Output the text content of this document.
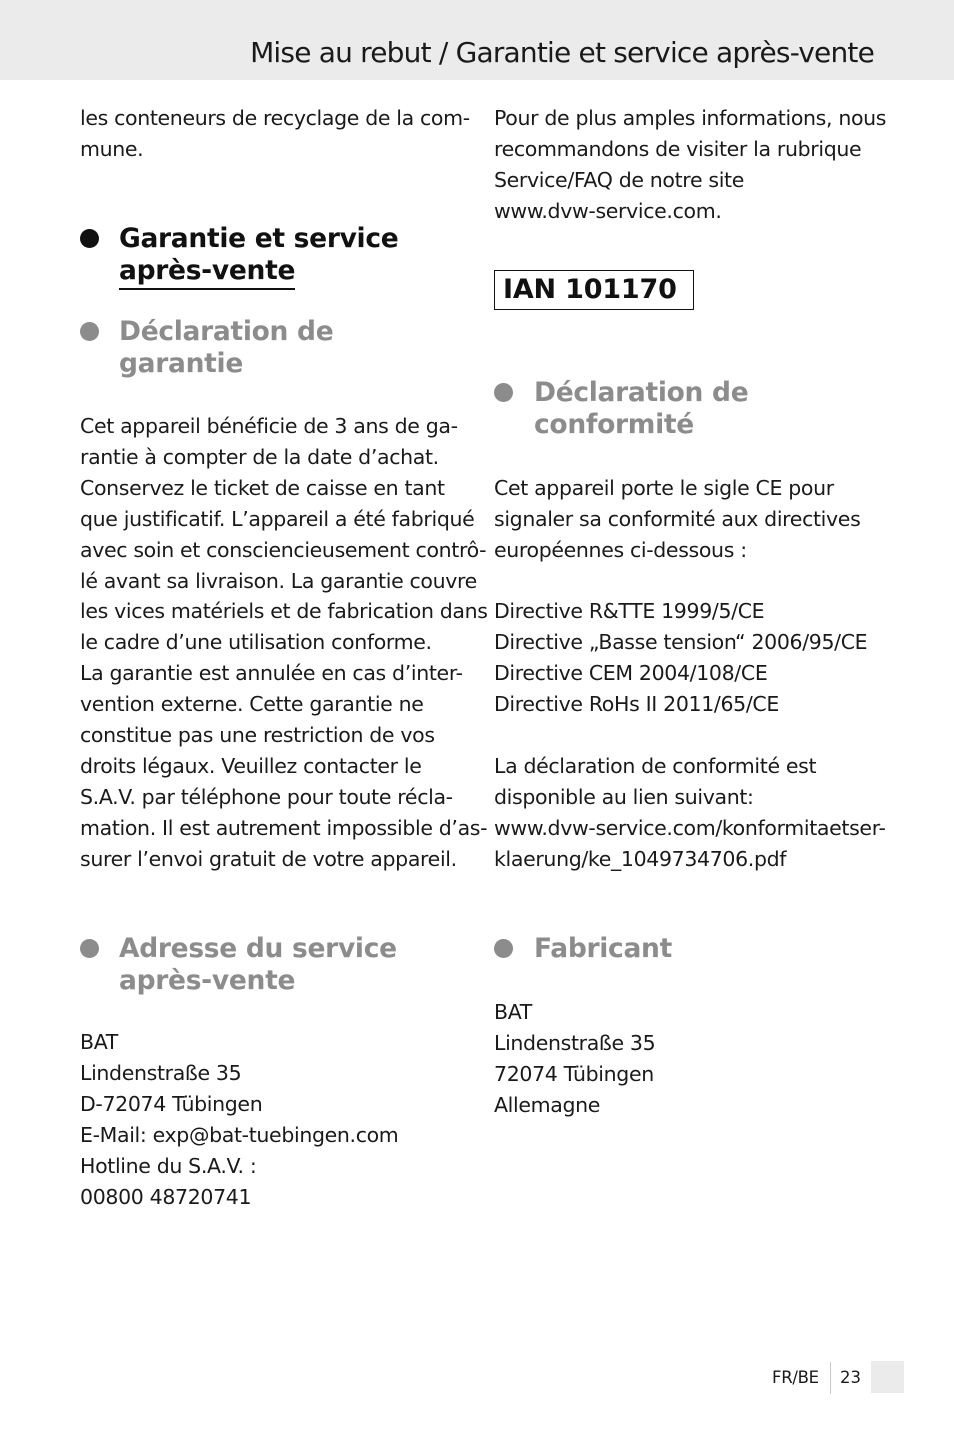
Mise au rebut / Garantie et service après-vente

les conteneurs de recyclage de la com-
mune.

Garantie et service
après-vente
Déclaration de
garantie

Cet appareil bénéficie de 3 ans de ga-
rantie à compter de la date d’achat.
Conservez le ticket de caisse en tant
que justificatif. L’appareil a été fabriqué
avec soin et consciencieusement contrô-
lé avant sa livraison. La garantie couvre
les vices matériels et de fabrication dans
le cadre d’une utilisation conforme.
La garantie est annulée en cas d’inter-
vention externe. Cette garantie ne
constitue pas une restriction de vos
droits légaux. Veuillez contacter le
S.A.V. par téléphone pour toute récla-
mation. Il est autrement impossible d’as-
surer l’envoi gratuit de votre appareil.

Adresse du service
après-vente

BAT
Lindenstraße 35
D-72074 Tübingen
E-Mail: exp@bat-tuebingen.com
Hotline du S.A.V. :
00800 48720741

Pour de plus amples informations, nous
recommandons de visiter la rubrique
Service/FAQ de notre site
www.dvw-service.com.

IAN 101170
Déclaration de
conformité

Cet appareil porte le sigle CE pour
signaler sa conformité aux directives
européennes ci-dessous :

Directive R&TTE 1999/5/CE
Directive „Basse tension“ 2006/95/CE
Directive CEM 2004/108/CE
Directive RoHs II 2011/65/CE

La déclaration de conformité est
disponible au lien suivant:
www.dvw-service.com/konformitaetser-
klaerung/ke_1049734706.pdf

Fabricant

BAT
Lindenstraße 35
72074 Tübingen
Allemagne

FR/BE 23
